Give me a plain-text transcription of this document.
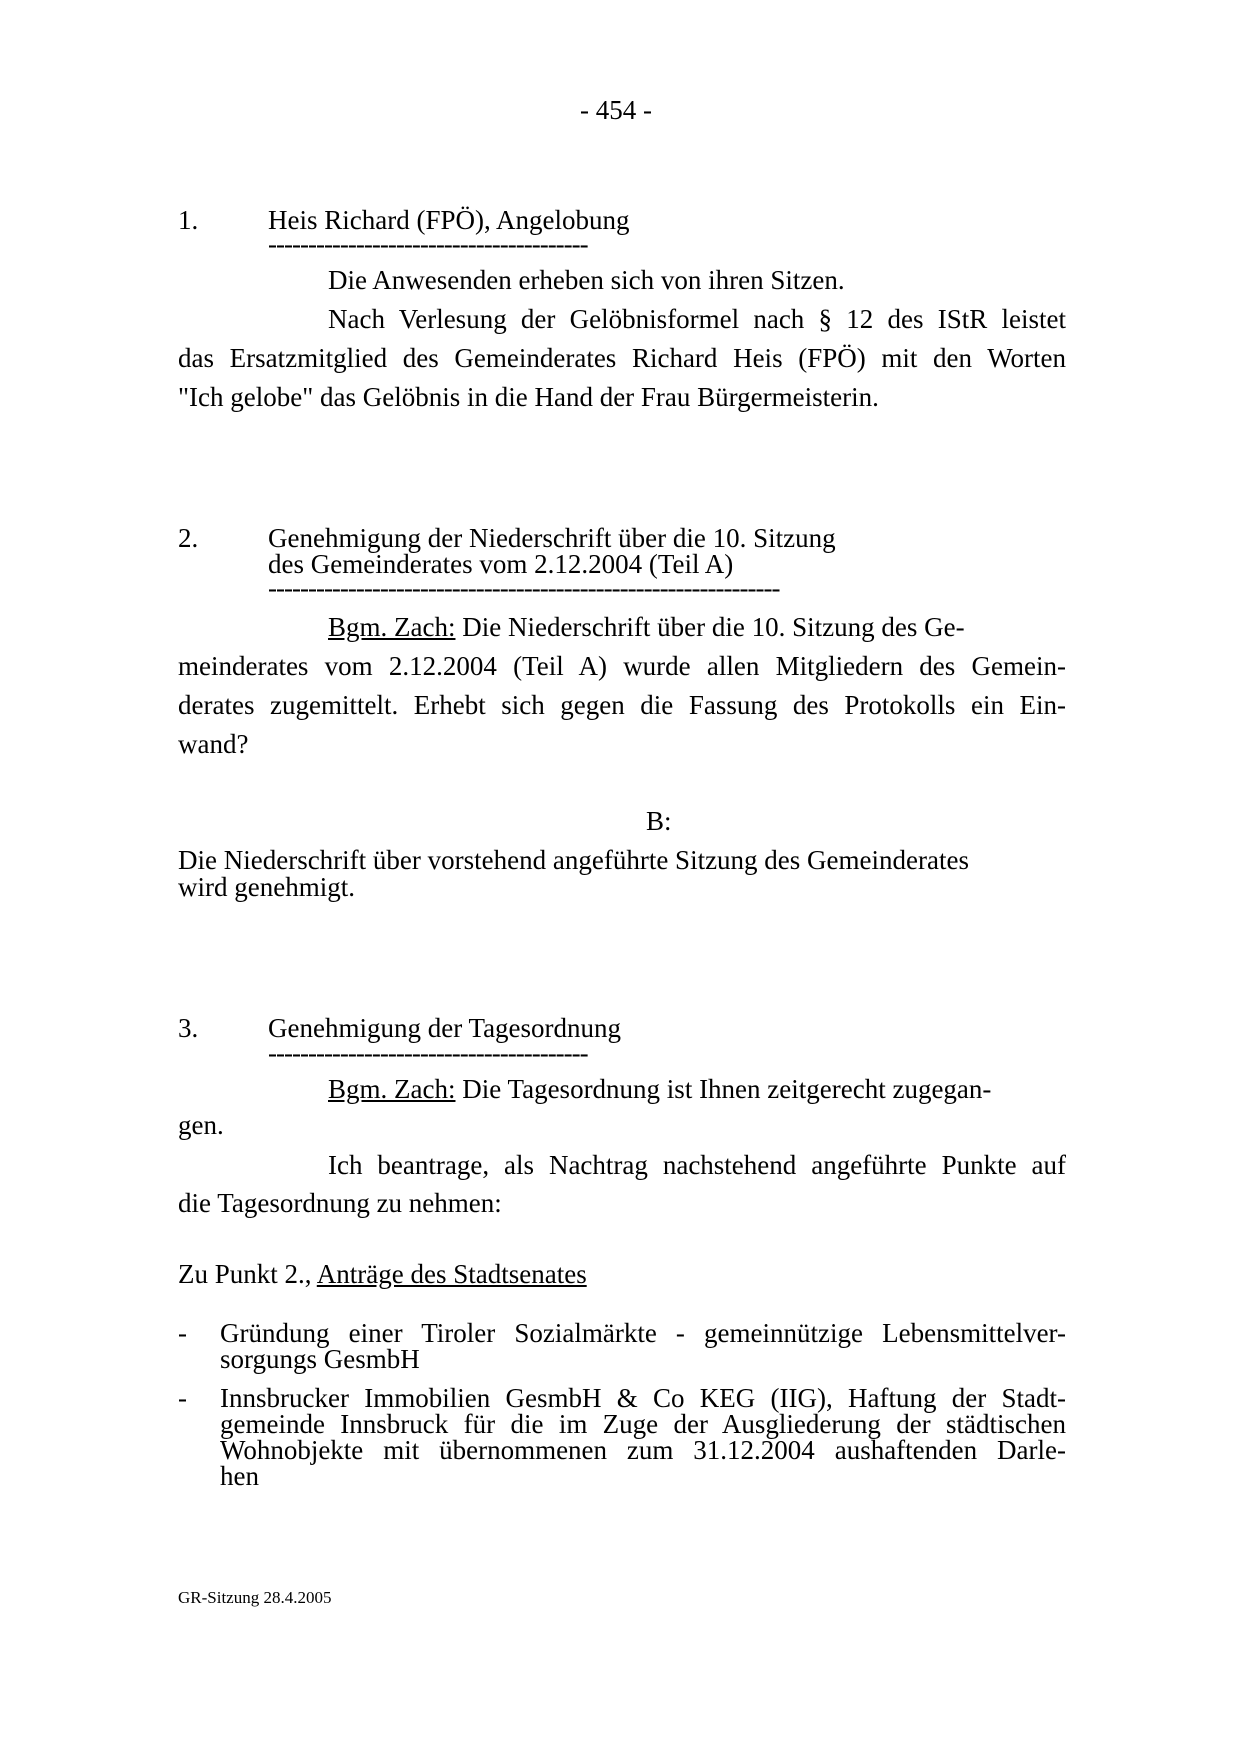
- 454 -
1.	Heis Richard (FPÖ), Angelobung
----------------------------------------
Die Anwesenden erheben sich von ihren Sitzen.
Nach Verlesung der Gelöbnisformel nach § 12 des IStR leistet
das Ersatzmitglied des Gemeinderates Richard Heis (FPÖ) mit den Worten
"Ich gelobe" das Gelöbnis in die Hand der Frau Bürgermeisterin.
2.	Genehmigung der Niederschrift über die 10. Sitzung
des Gemeinderates vom 2.12.2004 (Teil A)
----------------------------------------------------------------
Bgm. Zach: Die Niederschrift über die 10. Sitzung des Ge-
meinderates vom 2.12.2004 (Teil A) wurde allen Mitgliedern des Gemein-
derates zugemittelt. Erhebt sich gegen die Fassung des Protokolls ein Ein-
wand?
B:
Die Niederschrift über vorstehend angeführte Sitzung des Gemeinderates
wird genehmigt.
3.	Genehmigung der Tagesordnung
----------------------------------------
Bgm. Zach: Die Tagesordnung ist Ihnen zeitgerecht zugegan-
gen.
Ich beantrage, als Nachtrag nachstehend angeführte Punkte auf
die Tagesordnung zu nehmen:
Zu Punkt 2., Anträge des Stadtsenates
- Gründung einer Tiroler Sozialmärkte - gemeinnützige Lebensmittelver-
sorgungs GesmbH
- Innsbrucker Immobilien GesmbH & Co KEG (IIG), Haftung der Stadt-
gemeinde Innsbruck für die im Zuge der Ausgliederung der städtischen
Wohnobjekte mit übernommenen zum 31.12.2004 aushaftenden Darle-
hen
GR-Sitzung 28.4.2005
